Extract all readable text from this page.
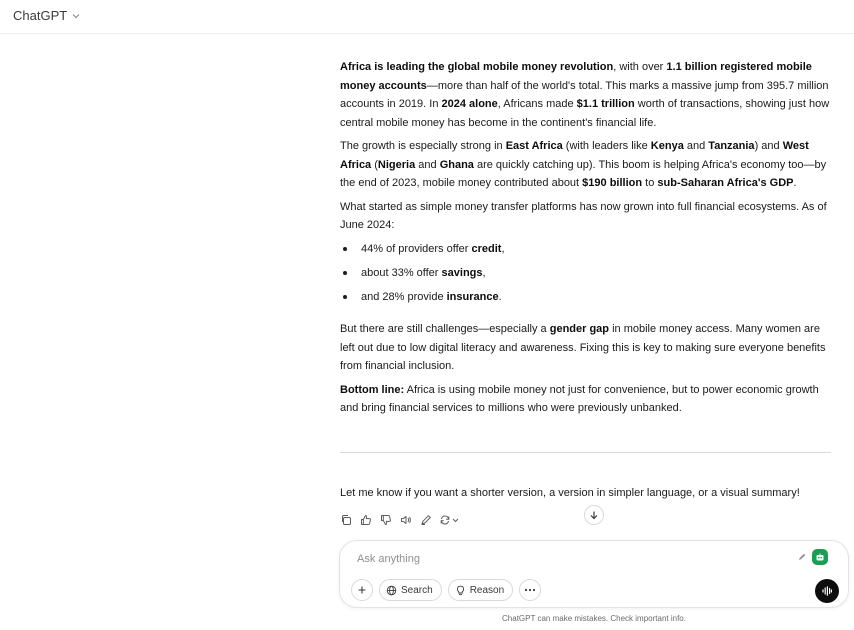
ChatGPT

Africa is leading the global mobile money revolution, with over 1.1 billion registered mobile money accounts—more than half of the world's total. This marks a massive jump from 395.7 million accounts in 2019. In 2024 alone, Africans made $1.1 trillion worth of transactions, showing just how central mobile money has become in the continent's financial life.

The growth is especially strong in East Africa (with leaders like Kenya and Tanzania) and West Africa (Nigeria and Ghana are quickly catching up). This boom is helping Africa's economy too—by the end of 2023, mobile money contributed about $190 billion to sub-Saharan Africa's GDP.

What started as simple money transfer platforms has now grown into full financial ecosystems. As of June 2024:

44% of providers offer credit,
about 33% offer savings,
and 28% provide insurance.

But there are still challenges—especially a gender gap in mobile money access. Many women are left out due to low digital literacy and awareness. Fixing this is key to making sure everyone benefits from financial inclusion.

Bottom line: Africa is using mobile money not just for convenience, but to power economic growth and bring financial services to millions who were previously unbanked.

Let me know if you want a shorter version, a version in simpler language, or a visual summary!
Ask anything
Search	Reason
ChatGPT can make mistakes. Check important info.
